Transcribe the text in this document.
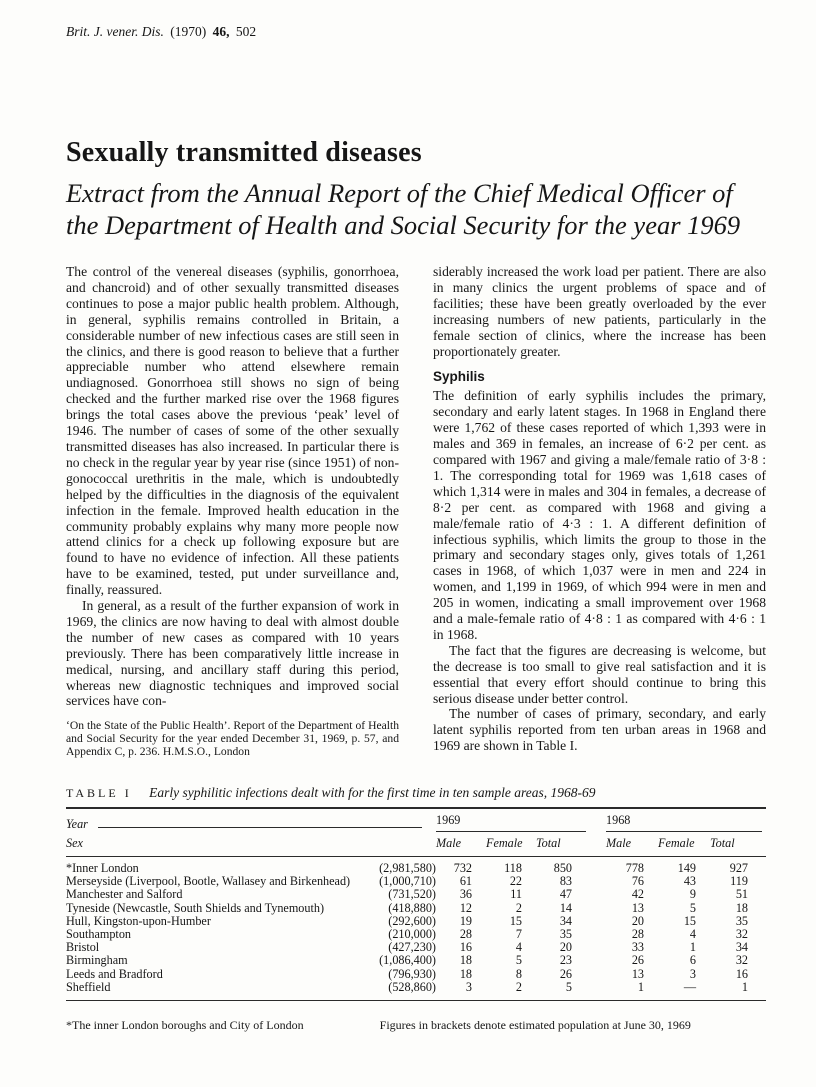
Brit. J. vener. Dis. (1970) 46, 502
Sexually transmitted diseases
Extract from the Annual Report of the Chief Medical Officer of the Department of Health and Social Security for the year 1969

The control of the venereal diseases (syphilis, gonorrhoea, and chancroid) and of other sexually transmitted diseases continues to pose a major public health problem. Although, in general, syphilis remains controlled in Britain, a considerable number of new infectious cases are still seen in the clinics, and there is good reason to believe that a further appreciable number who attend elsewhere remain undiagnosed. Gonorrhoea still shows no sign of being checked and the further marked rise over the 1968 figures brings the total cases above the previous ‘peak’ level of 1946. The number of cases of some of the other sexually transmitted diseases has also increased. In particular there is no check in the regular year by year rise (since 1951) of non-gonococcal urethritis in the male, which is undoubtedly helped by the difficulties in the diagnosis of the equivalent infection in the female. Improved health education in the community probably explains why many more people now attend clinics for a check up following exposure but are found to have no evidence of infection. All these patients have to be examined, tested, put under surveillance and, finally, reassured.

In general, as a result of the further expansion of work in 1969, the clinics are now having to deal with almost double the number of new cases as compared with 10 years previously. There has been comparatively little increase in medical, nursing, and ancillary staff during this period, whereas new diagnostic techniques and improved social services have con-

‘On the State of the Public Health’. Report of the Department of Health and Social Security for the year ended December 31, 1969, p. 57, and Appendix C, p. 236. H.M.S.O., London

siderably increased the work load per patient. There are also in many clinics the urgent problems of space and of facilities; these have been greatly overloaded by the ever increasing numbers of new patients, particularly in the female section of clinics, where the increase has been proportionately greater.

Syphilis

The definition of early syphilis includes the primary, secondary and early latent stages. In 1968 in England there were 1,762 of these cases reported of which 1,393 were in males and 369 in females, an increase of 6·2 per cent. as compared with 1967 and giving a male/female ratio of 3·8 : 1. The corresponding total for 1969 was 1,618 cases of which 1,314 were in males and 304 in females, a decrease of 8·2 per cent. as compared with 1968 and giving a male/female ratio of 4·3 : 1. A different definition of infectious syphilis, which limits the group to those in the primary and secondary stages only, gives totals of 1,261 cases in 1968, of which 1,037 were in men and 224 in women, and 1,199 in 1969, of which 994 were in men and 205 in women, indicating a small improvement over 1968 and a male-female ratio of 4·8 : 1 as compared with 4·6 : 1 in 1968.

The fact that the figures are decreasing is welcome, but the decrease is too small to give real satisfaction and it is essential that every effort should continue to bring this serious disease under better control.

The number of cases of primary, secondary, and early latent syphilis reported from ten urban areas in 1968 and 1969 are shown in Table I.

TABLE I Early syphilitic infections dealt with for the first time in ten sample areas, 1968-69
Year	1969	1968
Sex	Male	Female	Total	Male	Female	Total
*Inner London	(2,981,580)	732	118	850	778	149	927
Merseyside (Liverpool, Bootle, Wallasey and Birkenhead)	(1,000,710)	61	22	83	76	43	119
Manchester and Salford	(731,520)	36	11	47	42	9	51
Tyneside (Newcastle, South Shields and Tynemouth)	(418,880)	12	2	14	13	5	18
Hull, Kingston-upon-Humber	(292,600)	19	15	34	20	15	35
Southampton	(210,000)	28	7	35	28	4	32
Bristol	(427,230)	16	4	20	33	1	34
Birmingham	(1,086,400)	18	5	23	26	6	32
Leeds and Bradford	(796,930)	18	8	26	13	3	16
Sheffield	(528,860)	3	2	5	1	—	1
*The inner London boroughs and City of London	Figures in brackets denote estimated population at June 30, 1969
